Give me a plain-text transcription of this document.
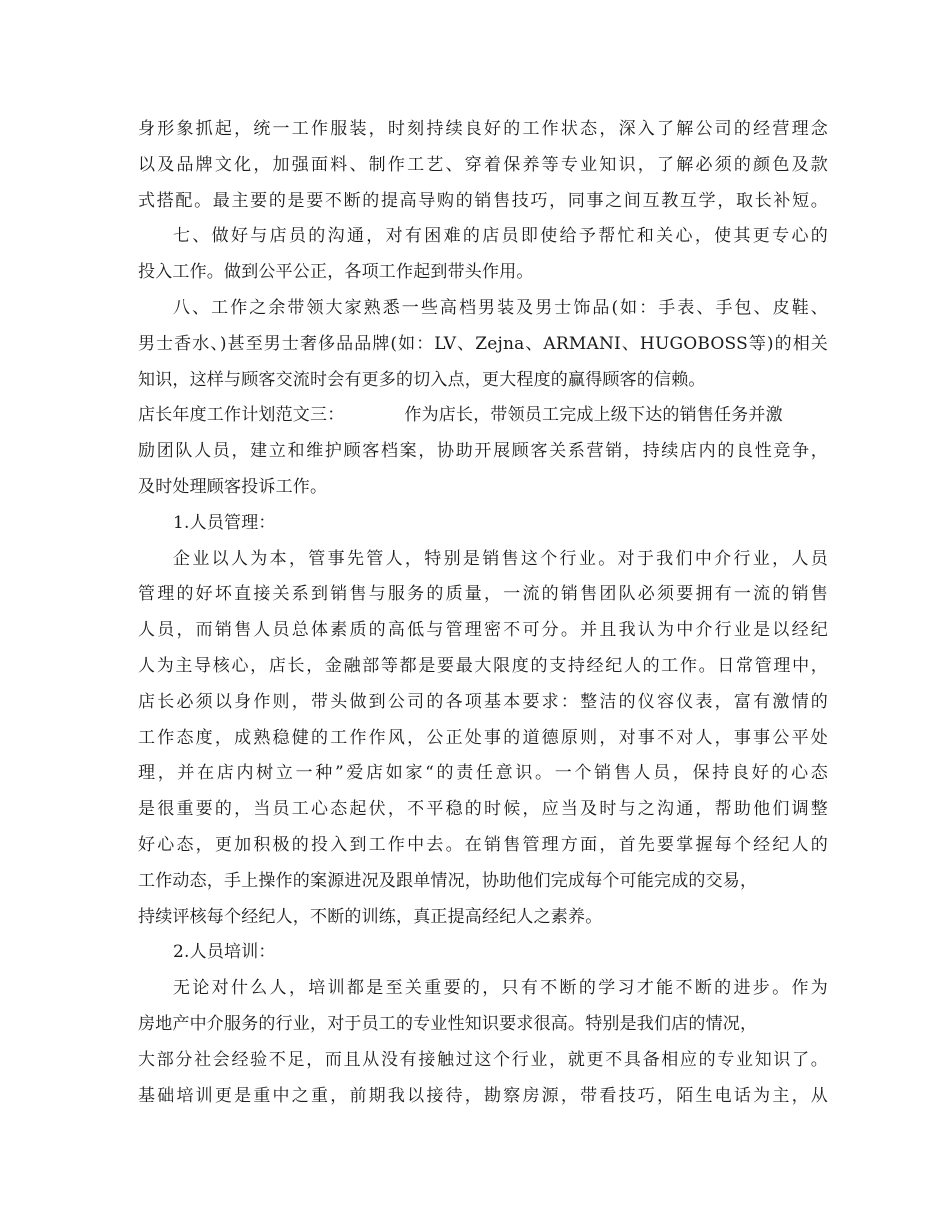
身形象抓起，统一工作服装，时刻持续良好的工作状态，深入了解公司的经营理念
以及品牌文化，加强面料、制作工艺、穿着保养等专业知识，了解必须的颜色及款
式搭配。最主要的是要不断的提高导购的销售技巧，同事之间互教互学，取长补短。
七、做好与店员的沟通，对有困难的店员即使给予帮忙和关心，使其更专心的
投入工作。做到公平公正，各项工作起到带头作用。
八、工作之余带领大家熟悉一些高档男装及男士饰品(如：手表、手包、皮鞋、
男士香水、)甚至男士奢侈品品牌(如：LV、Zejna、ARMANI、HUGOBOSS等)的相关
知识，这样与顾客交流时会有更多的切入点，更大程度的赢得顾客的信赖。
店长年度工作计划范文三：	作为店长，带领员工完成上级下达的销售任务并激
励团队人员，建立和维护顾客档案，协助开展顾客关系营销，持续店内的良性竞争，
及时处理顾客投诉工作。
1.人员管理：
企业以人为本，管事先管人，特别是销售这个行业。对于我们中介行业，人员
管理的好坏直接关系到销售与服务的质量，一流的销售团队必须要拥有一流的销售
人员，而销售人员总体素质的高低与管理密不可分。并且我认为中介行业是以经纪
人为主导核心，店长，金融部等都是要最大限度的支持经纪人的工作。日常管理中，
店长必须以身作则，带头做到公司的各项基本要求：整洁的仪容仪表，富有激情的
工作态度，成熟稳健的工作作风，公正处事的道德原则，对事不对人，事事公平处
理，并在店内树立一种”爱店如家“的责任意识。一个销售人员，保持良好的心态
是很重要的，当员工心态起伏，不平稳的时候，应当及时与之沟通，帮助他们调整
好心态，更加积极的投入到工作中去。在销售管理方面，首先要掌握每个经纪人的
工作动态，手上操作的案源进况及跟单情况，协助他们完成每个可能完成的交易，
持续评核每个经纪人，不断的训练，真正提高经纪人之素养。
2.人员培训：
无论对什么人，培训都是至关重要的，只有不断的学习才能不断的进步。作为
房地产中介服务的行业，对于员工的专业性知识要求很高。特别是我们店的情况，
大部分社会经验不足，而且从没有接触过这个行业，就更不具备相应的专业知识了。
基础培训更是重中之重，前期我以接待，勘察房源，带看技巧，陌生电话为主，从
